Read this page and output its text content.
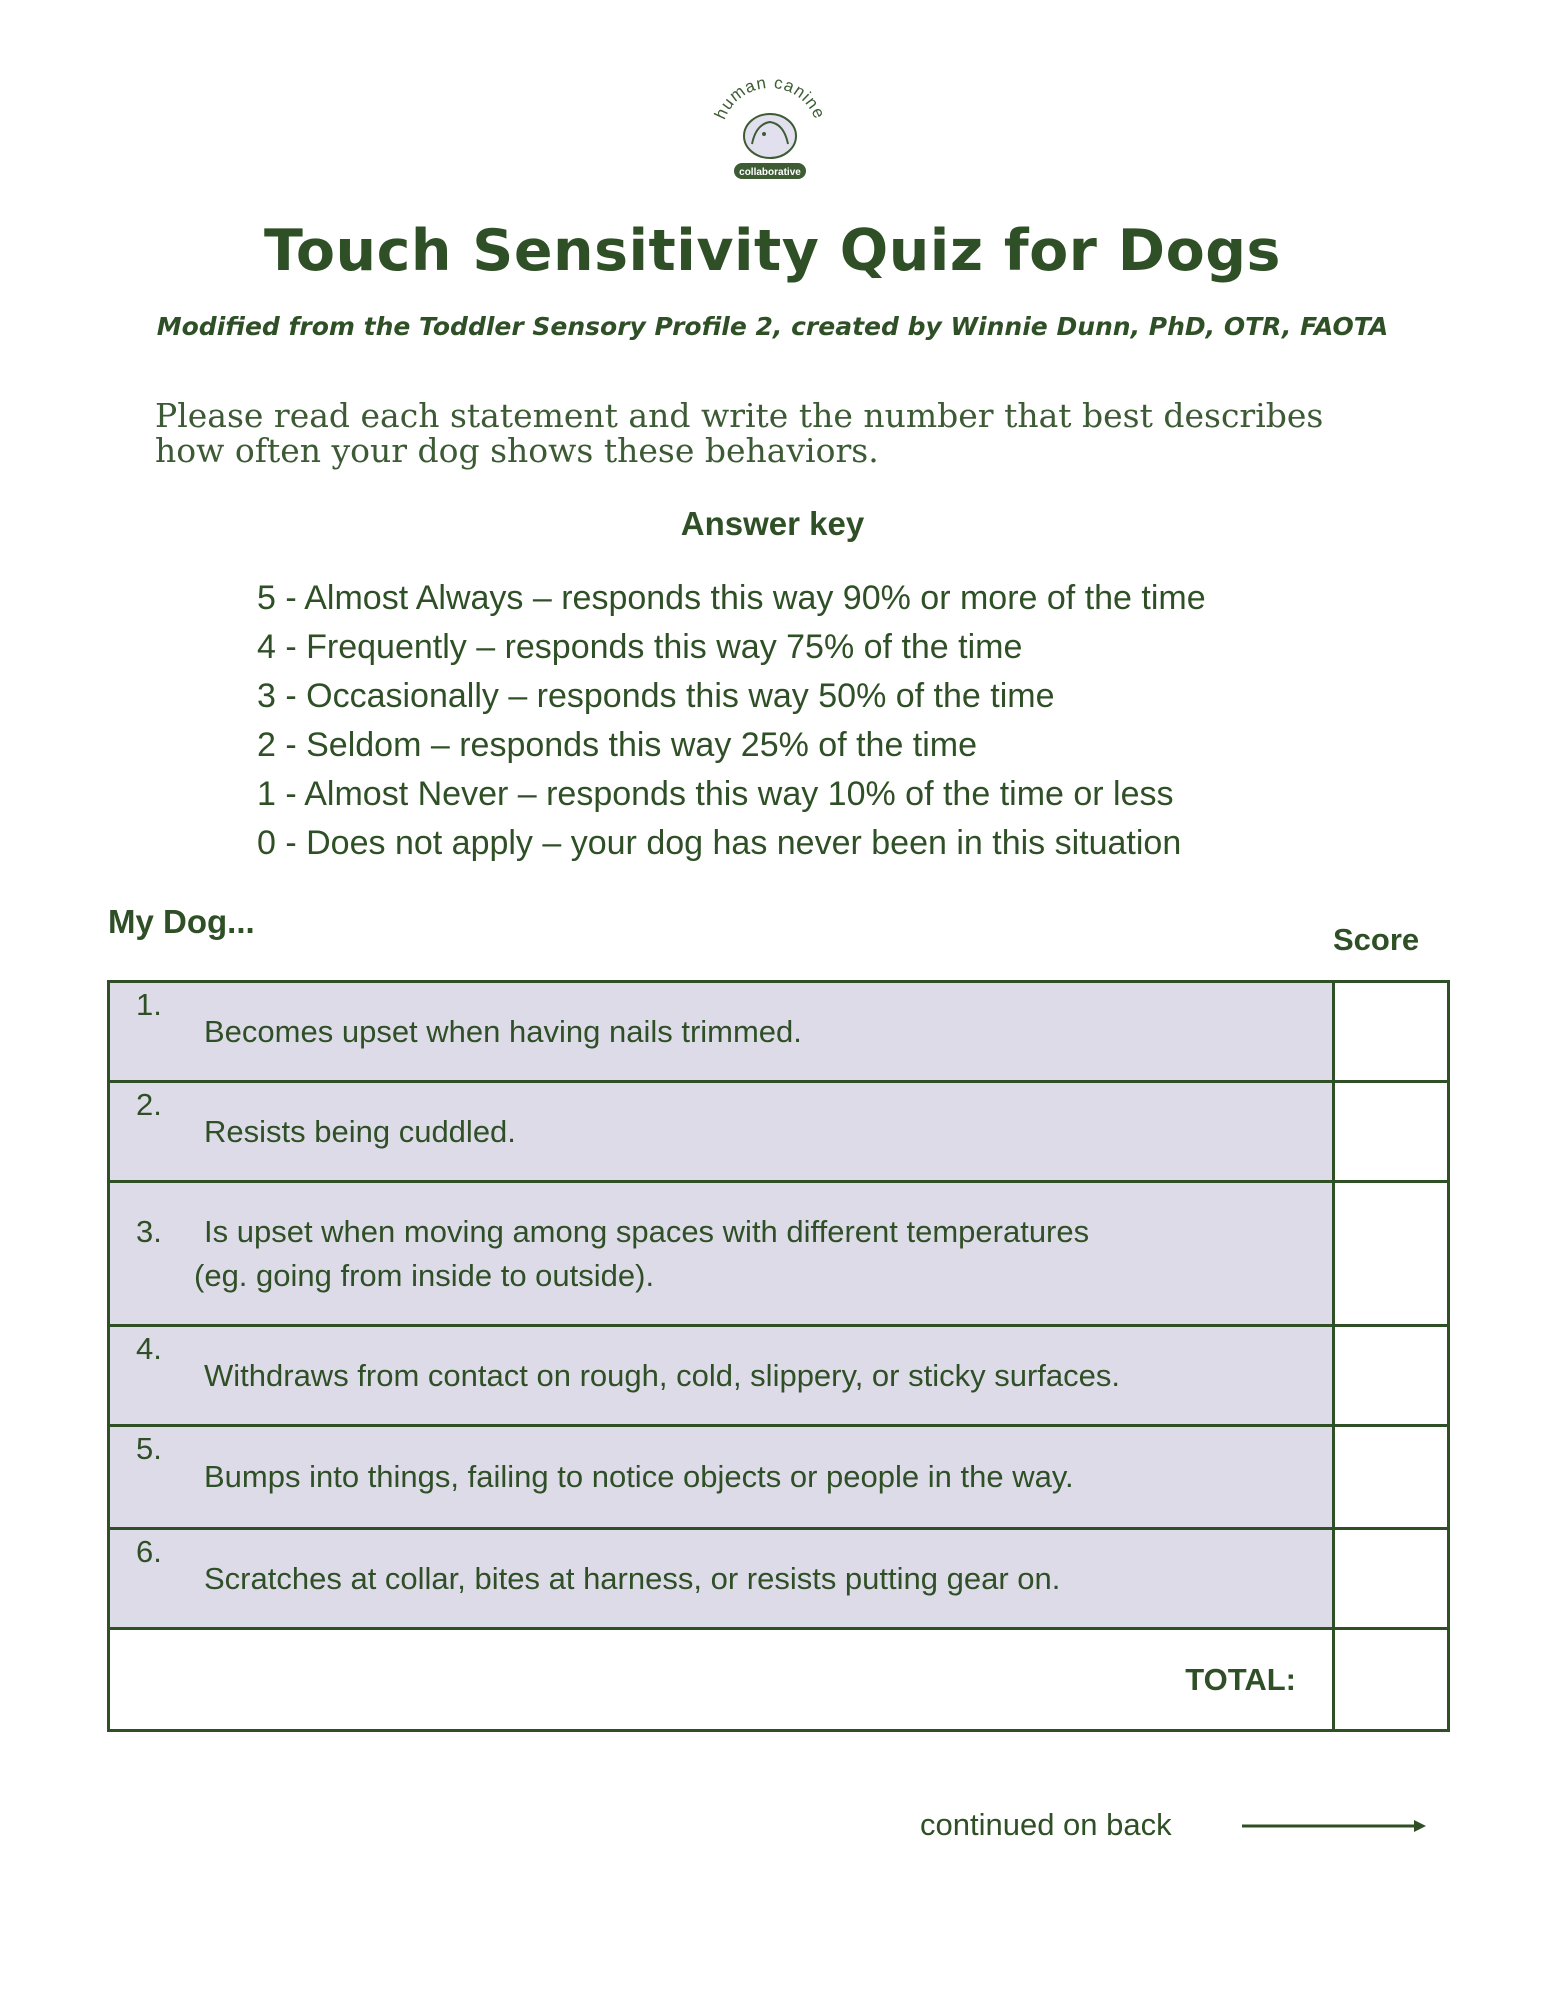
human canine
collaborative
Touch Sensitivity Quiz for Dogs
Modified from the Toddler Sensory Profile 2, created by Winnie Dunn, PhD, OTR, FAOTA
Please read each statement and write the number that best describes how often your dog shows these behaviors.
Answer key
5 - Almost Always – responds this way 90% or more of the time
4 - Frequently – responds this way 75% of the time
3 - Occasionally – responds this way 50% of the time
2 - Seldom – responds this way 25% of the time
1 - Almost Never – responds this way 10% of the time or less
0 - Does not apply – your dog has never been in this situation
My Dog...	Score
1.
Becomes upset when having nails trimmed.
2.
Resists being cuddled.
3.	Is upset when moving among spaces with different temperatures
(eg. going from inside to outside).
4.
Withdraws from contact on rough, cold, slippery, or sticky surfaces.
5.
Bumps into things, failing to notice objects or people in the way.
6.
Scratches at collar, bites at harness, or resists putting gear on.
TOTAL:
continued on back
